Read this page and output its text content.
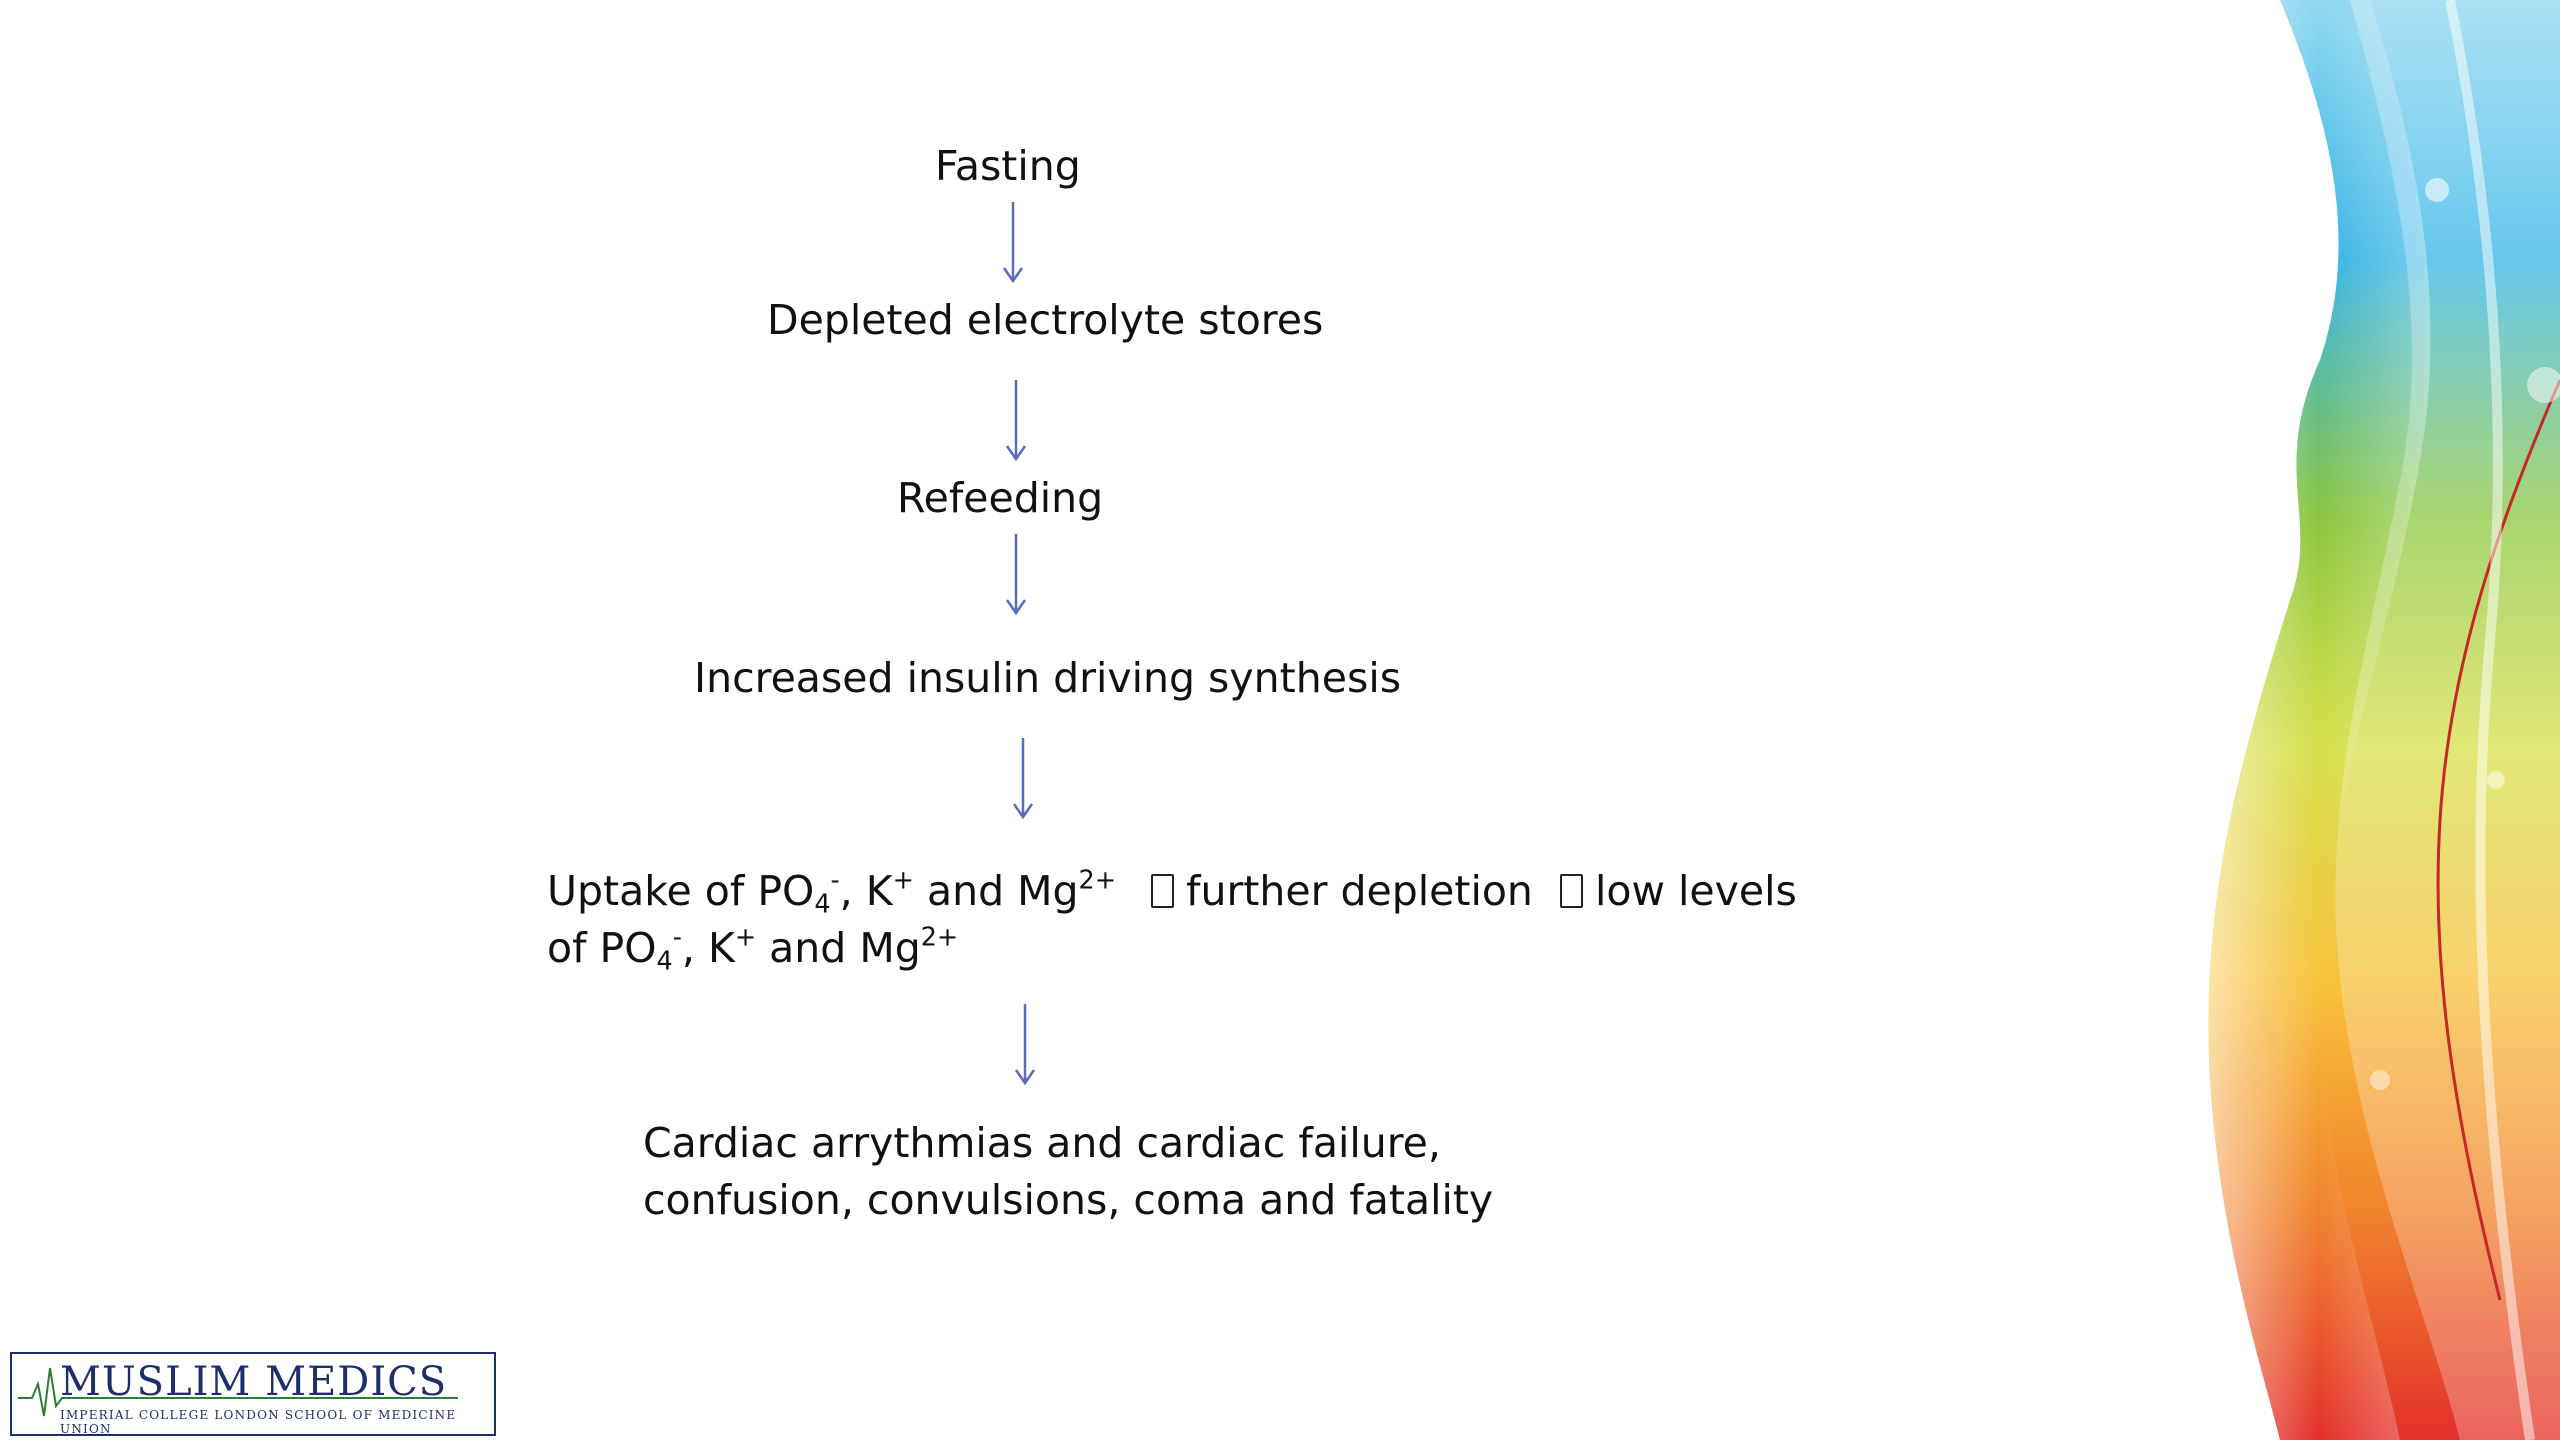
Fasting
Depleted electrolyte stores
Refeeding
Increased insulin driving synthesis
Uptake of $PO_4^-$, K+ and $Mg^{2+}$ further depletion low levels
of $PO_4^-$, K+ and $Mg^{2+}$
Cardiac arrythmias and cardiac failure,
confusion, convulsions, coma and fatality
MUSLIM MEDICS
IMPERIAL COLLEGE LONDON SCHOOL OF MEDICINE UNION
